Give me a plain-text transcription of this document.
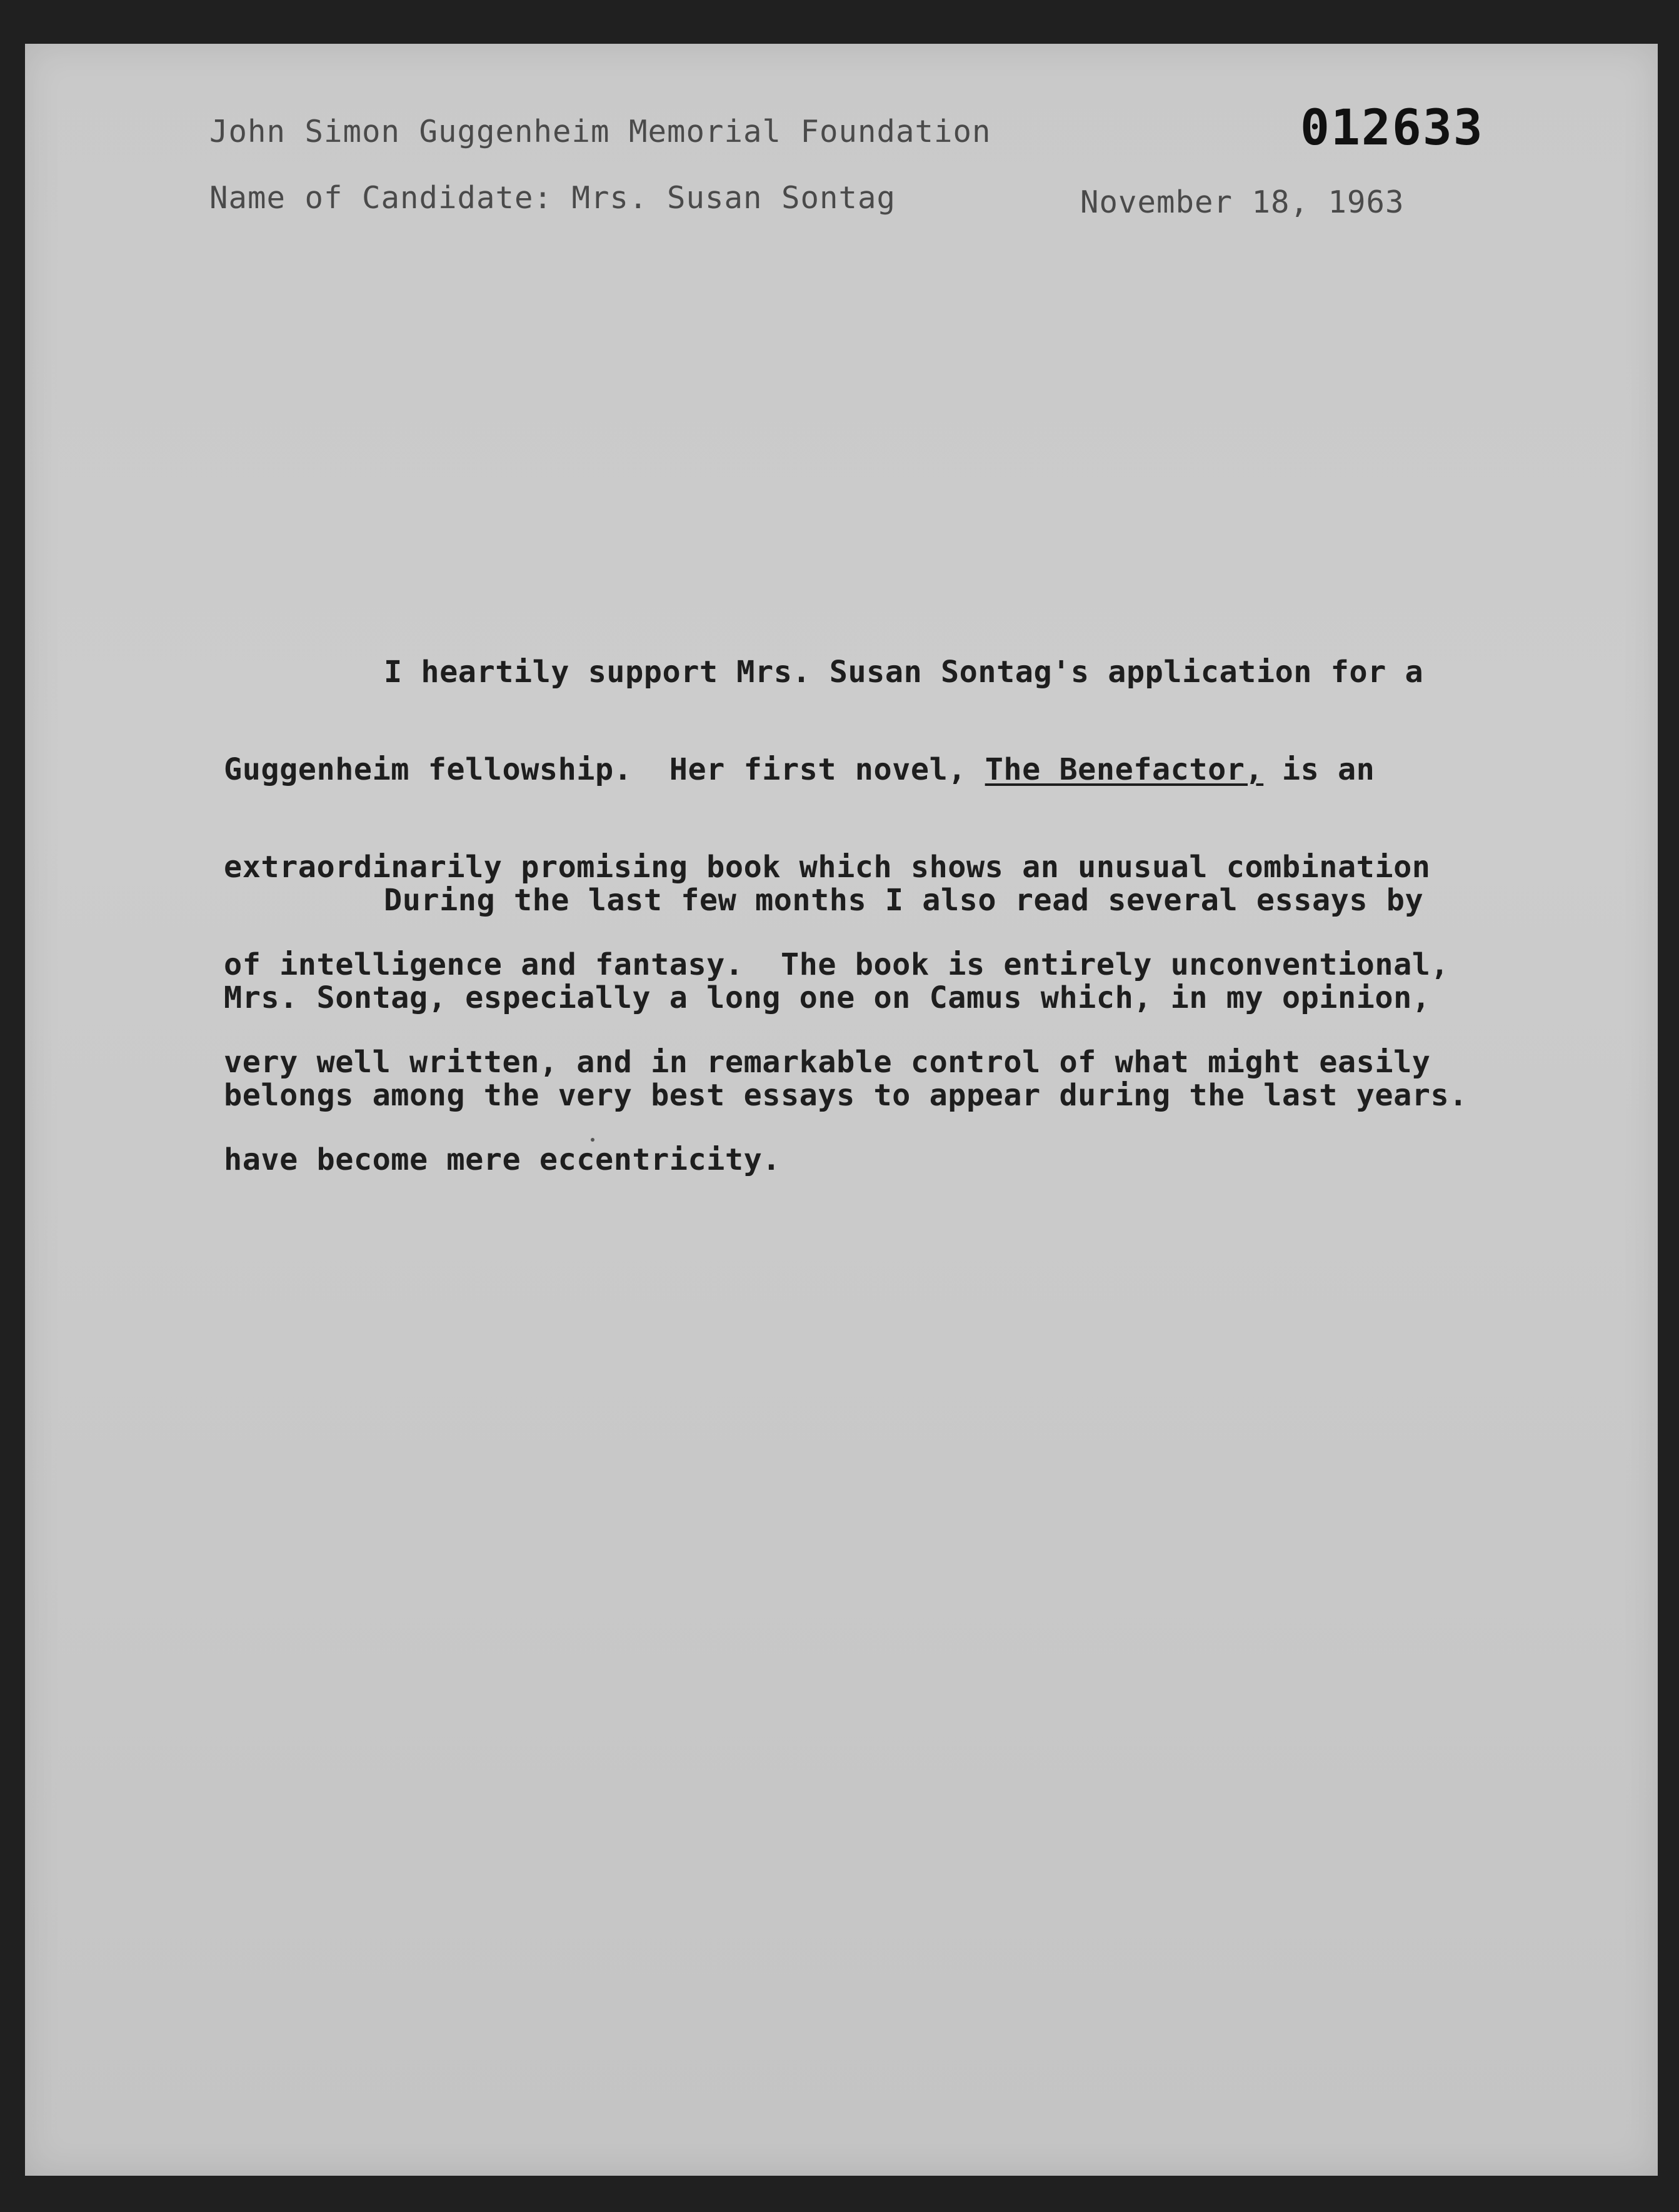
John Simon Guggenheim Memorial Foundation	012633
Name of Candidate: Mrs. Susan Sontag	November 18, 1963

I heartily support Mrs. Susan Sontag's application for a

Guggenheim fellowship.  Her first novel, The Benefactor, is an

extraordinarily promising book which shows an unusual combination

of intelligence and fantasy.  The book is entirely unconventional,

very well written, and in remarkable control of what might easily

have become mere eccentricity.

During the last few months I also read several essays by

Mrs. Sontag, especially a long one on Camus which, in my opinion,

belongs among the very best essays to appear during the last years.
